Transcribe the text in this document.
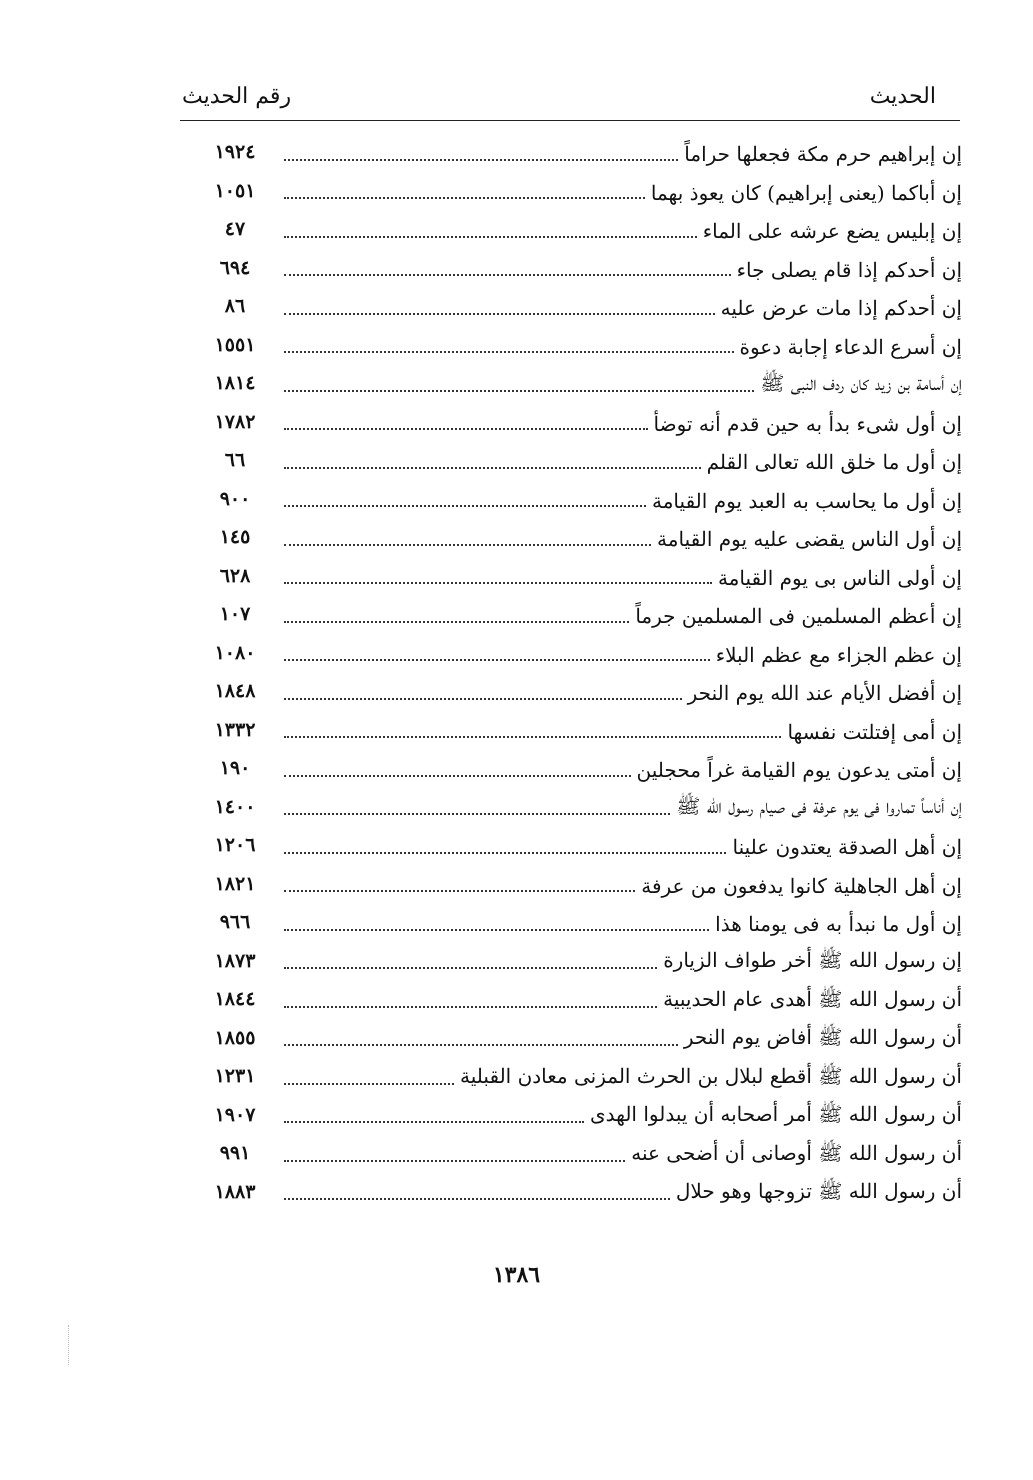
الحديث
رقم الحديث
١٩٢٤	إن إبراهيم حرم مكة فجعلها حراماً
١٠٥١	إن أباكما (يعنى إبراهيم) كان يعوذ بهما
٤٧	إن إبليس يضع عرشه على الماء
٦٩٤	إن أحدكم إذا قام يصلى جاء
٨٦	إن أحدكم إذا مات عرض عليه
١٥٥١	إن أسرع الدعاء إجابة دعوة
١٨١٤	إن أسامة بن زيد كان ردف النبى ﷺ
١٧٨٢	إن أول شىء بدأ به حين قدم أنه توضأ
٦٦	إن أول ما خلق الله تعالى القلم
٩٠٠	إن أول ما يحاسب به العبد يوم القيامة
١٤٥	إن أول الناس يقضى عليه يوم القيامة
٦٢٨	إن أولى الناس بى يوم القيامة
١٠٧	إن أعظم المسلمين فى المسلمين جرماً
١٠٨٠	إن عظم الجزاء مع عظم البلاء
١٨٤٨	إن أفضل الأيام عند الله يوم النحر
١٣٣٢	إن أمى إفتلتت نفسها
١٩٠	إن أمتى يدعون يوم القيامة غراً محجلين
١٤٠٠	إن أناساً تماروا فى يوم عرفة فى صيام رسول الله ﷺ
١٢٠٦	إن أهل الصدقة يعتدون علينا
١٨٢١	إن أهل الجاهلية كانوا يدفعون من عرفة
٩٦٦	إن أول ما نبدأ به فى يومنا هذا
١٨٧٣	إن رسول الله ﷺ أخر طواف الزيارة
١٨٤٤	أن رسول الله ﷺ أهدى عام الحديبية
١٨٥٥	أن رسول الله ﷺ أفاض يوم النحر
١٢٣١	أن رسول الله ﷺ أقطع لبلال بن الحرث المزنى معادن القبلية
١٩٠٧	أن رسول الله ﷺ أمر أصحابه أن يبدلوا الهدى
٩٩١	أن رسول الله ﷺ أوصانى أن أضحى عنه
١٨٨٣	أن رسول الله ﷺ تزوجها وهو حلال
١٣٨٦
